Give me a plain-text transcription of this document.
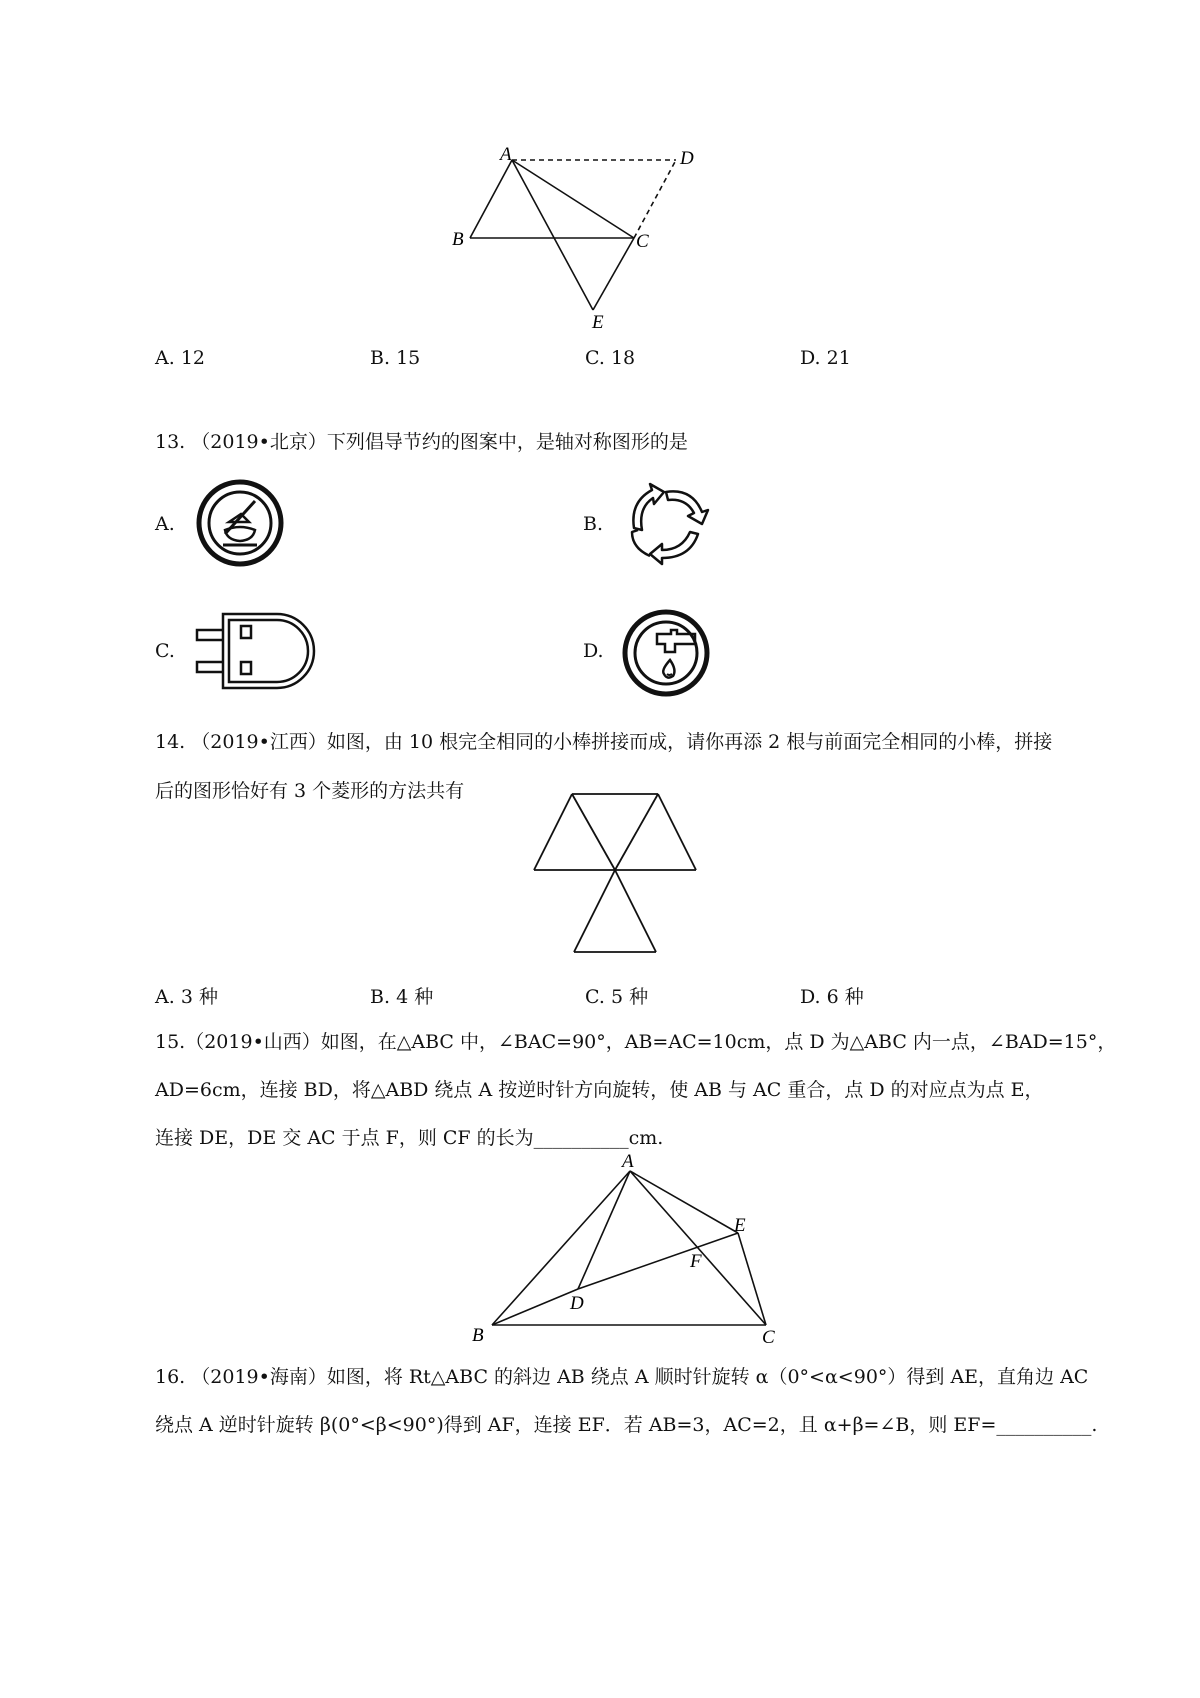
A
B	C
D
E
A. 12	B. 15	C. 18	D. 21
13. （2019•北京）下列倡导节约的图案中，是轴对称图形的是
A.	B.
C.	D.
14. （2019•江西）如图，由 10 根完全相同的小棒拼接而成，请你再添 2 根与前面完全相同的小棒，拼接
后的图形恰好有 3 个菱形的方法共有
A. 3 种	B. 4 种	C. 5 种	D. 6 种
15.（2019•山西）如图，在△ABC 中，∠BAC=90°，AB=AC=10cm，点 D 为△ABC 内一点，∠BAD=15°，
AD=6cm，连接 BD，将△ABD 绕点 A 按逆时针方向旋转，使 AB 与 AC 重合，点 D 的对应点为点 E，
连接 DE，DE 交 AC 于点 F，则 CF 的长为__________cm.
A
B	C
D
E
F
16. （2019•海南）如图，将 Rt△ABC 的斜边 AB 绕点 A 顺时针旋转 α（0°<α<90°）得到 AE，直角边 AC
绕点 A 逆时针旋转 β(0°<β<90°)得到 AF，连接 EF．若 AB=3，AC=2，且 α+β=∠B，则 EF=__________.
